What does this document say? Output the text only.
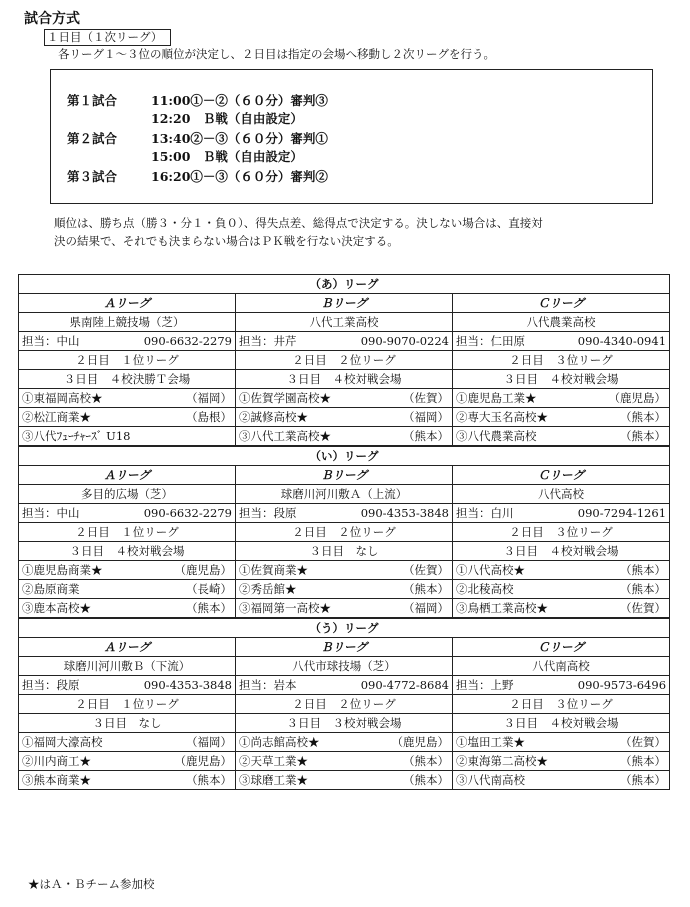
試合方式
１日目（１次リーグ）
各リーグ１～３位の順位が決定し、２日目は指定の会場へ移動し２次リーグを行う。
第１試合	11:00①－②（６０分）審判③
12:20　Ｂ戦（自由設定）
第２試合	13:40②－③（６０分）審判①
15:00　Ｂ戦（自由設定）
第３試合	16:20①－③（６０分）審判②
順位は、勝ち点（勝３・分１・負０）、得失点差、総得点で決定する。決しない場合は、直接対
決の結果で、それでも決まらない場合はＰＫ戦を行ない決定する。
（あ）リーグ		
Ａリーグ	Ｂリーグ	Ｃリーグ
県南陸上競技場（芝）	八代工業高校	八代農業高校

担当：中山 090-6632-2279	担当：井芹 090-9070-0224	担当：仁田原 090-4340-0941

２日目　１位リーグ	２日目　２位リーグ	２日目　３位リーグ
３日目　４校決勝Ｔ会場	３日目　４校対戦会場	３日目　４校対戦会場

①東福岡高校★ （福岡）	①佐賀学園高校★ （佐賀）	①鹿児島工業★ （鹿児島）

②松江商業★ （島根）	②誠修高校★ （福岡）	②専大玉名高校★ （熊本）

③八代ﾌｭｰﾁｬｰｽﾞ U18	③八代工業高校★ （熊本）	③八代農業高校 （熊本）

（い）リーグ		
Ａリーグ	Ｂリーグ	Ｃリーグ
多目的広場（芝）	球磨川河川敷Ａ（上流）	八代高校

担当：中山 090-6632-2279	担当：段原 090-4353-3848	担当：白川 090-7294-1261

２日目　１位リーグ	２日目　２位リーグ	２日目　３位リーグ
３日目　４校対戦会場	３日目　なし	３日目　４校対戦会場

①鹿児島商業★ （鹿児島）	①佐賀商業★ （佐賀）	①八代高校★ （熊本）

②島原商業 （長崎）	②秀岳館★ （熊本）	②北稜高校 （熊本）

③鹿本高校★ （熊本）	③福岡第一高校★ （福岡）	③鳥栖工業高校★ （佐賀）

（う）リーグ		
Ａリーグ	Ｂリーグ	Ｃリーグ
球磨川河川敷Ｂ（下流）	八代市球技場（芝）	八代南高校

担当：段原 090-4353-3848	担当：岩本 090-4772-8684	担当：上野 090-9573-6496

２日目　１位リーグ	２日目　２位リーグ	２日目　３位リーグ
３日目　なし	３日目　３校対戦会場	３日目　４校対戦会場

①福岡大濠高校 （福岡）	①尚志館高校★ （鹿児島）	①塩田工業★ （佐賀）

②川内商工★ （鹿児島）	②天草工業★ （熊本）	②東海第二高校★ （熊本）

③熊本商業★ （熊本）	③球磨工業★ （熊本）	③八代南高校 （熊本）
★はＡ・Ｂチーム参加校
